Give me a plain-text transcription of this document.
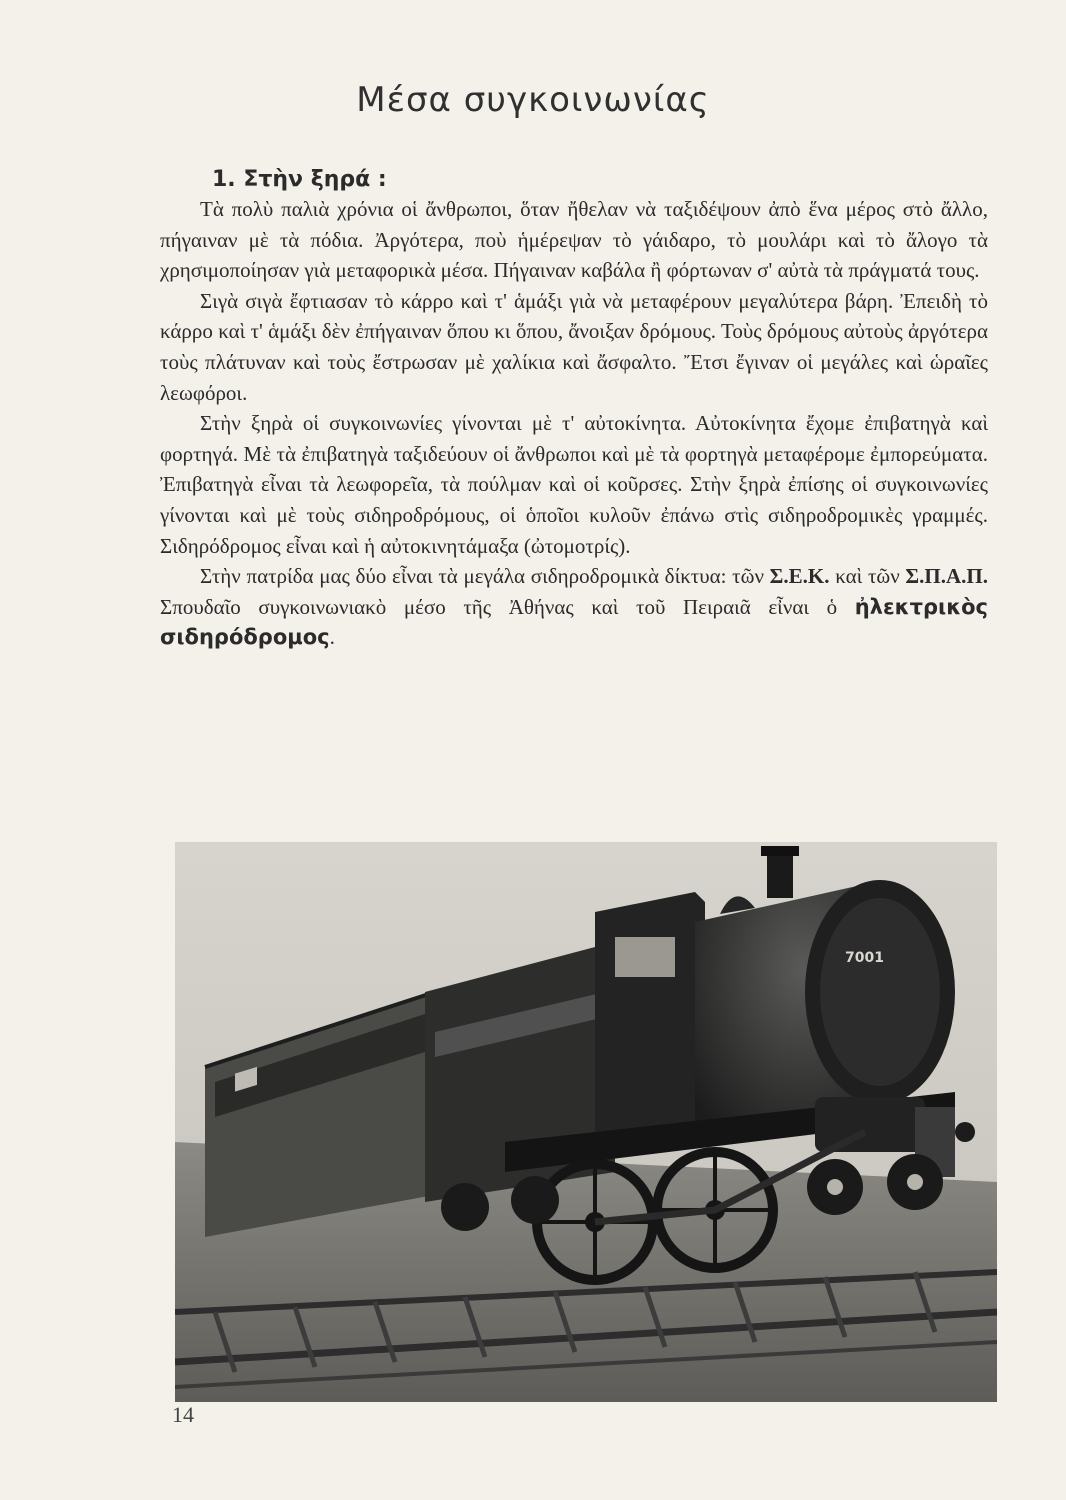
Μέσα συγκοινωνίας
1. Στὴν ξηρά :

Τὰ πολὺ παλιὰ χρόνια οἱ ἄνθρωποι, ὅταν ἤθελαν νὰ ταξιδέψουν ἀπὸ ἕνα μέρος στὸ ἄλλο, πήγαιναν μὲ τὰ πόδια. Ἀργότερα, ποὺ ἡμέρεψαν τὸ γάιδαρο, τὸ μουλάρι καὶ τὸ ἄλογο τὰ χρησιμοποίησαν γιὰ μεταφορικὰ μέσα. Πήγαιναν καβάλα ἢ φόρτωναν σ' αὐτὰ τὰ πράγματά τους.

Σιγὰ σιγὰ ἔφτιασαν τὸ κάρρο καὶ τ' ἁμάξι γιὰ νὰ μεταφέρουν μεγαλύτερα βάρη. Ἐπειδὴ τὸ κάρρο καὶ τ' ἁμάξι δὲν ἐπήγαιναν ὅπου κι ὅπου, ἄνοιξαν δρόμους. Τοὺς δρόμους αὐτοὺς ἀργότερα τοὺς πλάτυναν καὶ τοὺς ἔστρωσαν μὲ χαλίκια καὶ ἄσφαλτο. Ἔτσι ἔγιναν οἱ μεγάλες καὶ ὡραῖες λεωφόροι.

Στὴν ξηρὰ οἱ συγκοινωνίες γίνονται μὲ τ' αὐτοκίνητα. Αὐτοκίνητα ἔχομε ἐπιβατηγὰ καὶ φορτηγά. Μὲ τὰ ἐπιβατηγὰ ταξιδεύουν οἱ ἄνθρωποι καὶ μὲ τὰ φορτηγὰ μεταφέρομε ἐμπορεύματα. Ἐπιβατηγὰ εἶναι τὰ λεωφορεῖα, τὰ πούλμαν καὶ οἱ κοῦρσες. Στὴν ξηρὰ ἐπίσης οἱ συγκοινωνίες γίνονται καὶ μὲ τοὺς σιδηροδρόμους, οἱ ὁποῖοι κυλοῦν ἐπάνω στὶς σιδηροδρομικὲς γραμμές. Σιδηρόδρομος εἶναι καὶ ἡ αὐτοκινητάμαξα (ὠτομοτρίς).

Στὴν πατρίδα μας δύο εἶναι τὰ μεγάλα σιδηροδρομικὰ δίκτυα: τῶν Σ.Ε.Κ. καὶ τῶν Σ.Π.Α.Π. Σπουδαῖο συγκοινωνιακὸ μέσο τῆς Ἀθήνας καὶ τοῦ Πειραιᾶ εἶναι ὁ ἠλεκτρικὸς σιδηρόδρομος.

7001
14
